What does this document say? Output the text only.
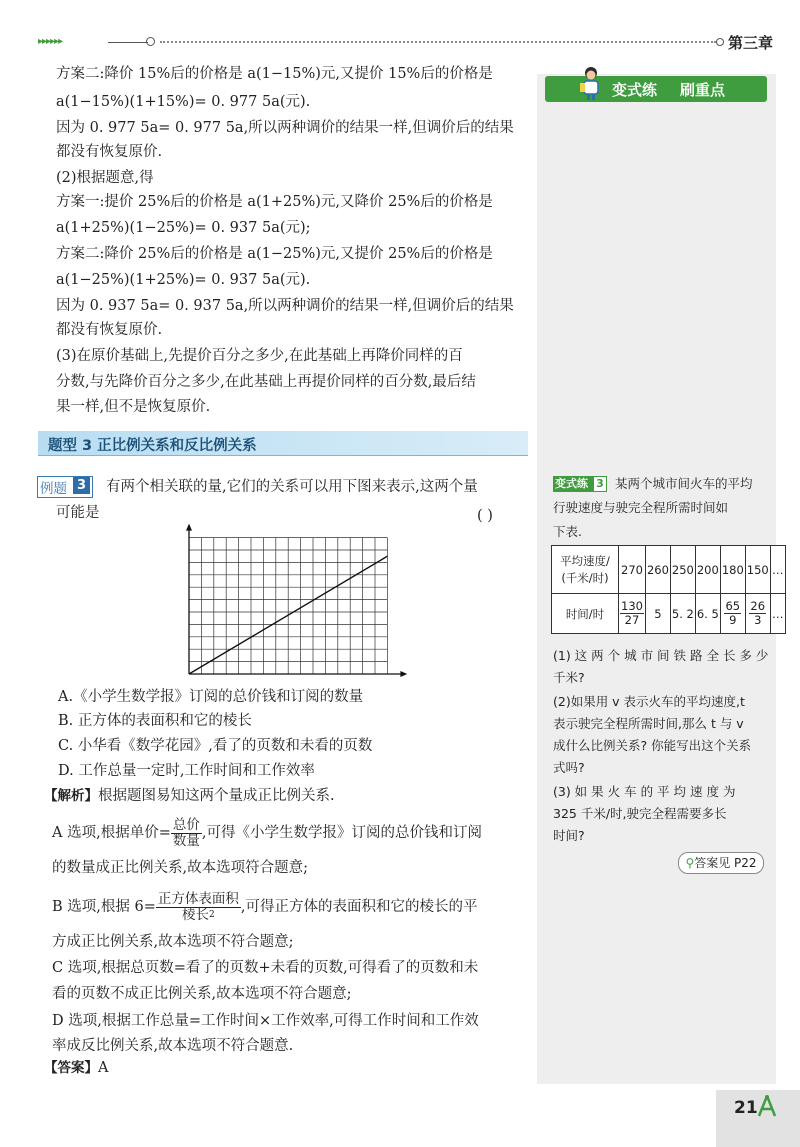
▸▸▸▸▸▸	第三章
变式练 刷重点
方案二:降价 15%后的价格是 a(1−15%)元,又提价 15%后的价格是
a(1−15%)(1+15%)= 0. 977 5a(元).
因为 0. 977 5a= 0. 977 5a,所以两种调价的结果一样,但调价后的结果
都没有恢复原价.
(2)根据题意,得
方案一:提价 25%后的价格是 a(1+25%)元,又降价 25%后的价格是
a(1+25%)(1−25%)= 0. 937 5a(元);
方案二:降价 25%后的价格是 a(1−25%)元,又提价 25%后的价格是
a(1−25%)(1+25%)= 0. 937 5a(元).
因为 0. 937 5a= 0. 937 5a,所以两种调价的结果一样,但调价后的结果
都没有恢复原价.
(3)在原价基础上,先提价百分之多少,在此基础上再降价同样的百
分数,与先降价百分之多少,在此基础上再提价同样的百分数,最后结
果一样,但不是恢复原价.
题型 3 正比例关系和反比例关系
例题 3 有两个相关联的量,它们的关系可以用下图来表示,这两个量
可能是	( )
A.《小学生数学报》订阅的总价钱和订阅的数量
B. 正方体的表面积和它的棱长
C. 小华看《数学花园》,看了的页数和未看的页数
D. 工作总量一定时,工作时间和工作效率
【解析】根据题图易知这两个量成正比例关系.
A 选项,根据单价= $\frac{\text{总价}}{\text{数量}}$ ,可得《小学生数学报》订阅的总价钱和订阅
的数量成正比例关系,故本选项符合题意;
B 选项,根据 $6= \frac{\text{正方体表面积}}{棱长^2}$ ,可得正方体的表面积和它的棱长的平
方成正比例关系,故本选项不符合题意;
C 选项,根据总页数=看了的页数+未看的页数,可得看了的页数和未
看的页数不成正比例关系,故本选项不符合题意;
D 选项,根据工作总量=工作时间×工作效率,可得工作时间和工作效
率成反比例关系,故本选项不符合题意.
【答案】A
变式练 3 某两个城市间火车的平均
行驶速度与驶完全程所需时间如
下表.
平均速度/
(千米/时)	270	260	250	200	180	150	…
时间/时	$\frac{130}{27}$	5	5. 2	6. 5	$\frac{65}{9}$	$\frac{26}{3}$	…
(1) 这 两 个 城 市 间 铁 路 全 长 多 少
千米?
(2)如果用 v 表示火车的平均速度,t
表示驶完全程所需时间,那么 t 与 v
成什么比例关系? 你能写出这个关系
式吗?
(3) 如 果 火 车 的 平 均 速 度 为
325 千米/时,驶完全程需要多长
时间?
⚲答案见 P22
21
